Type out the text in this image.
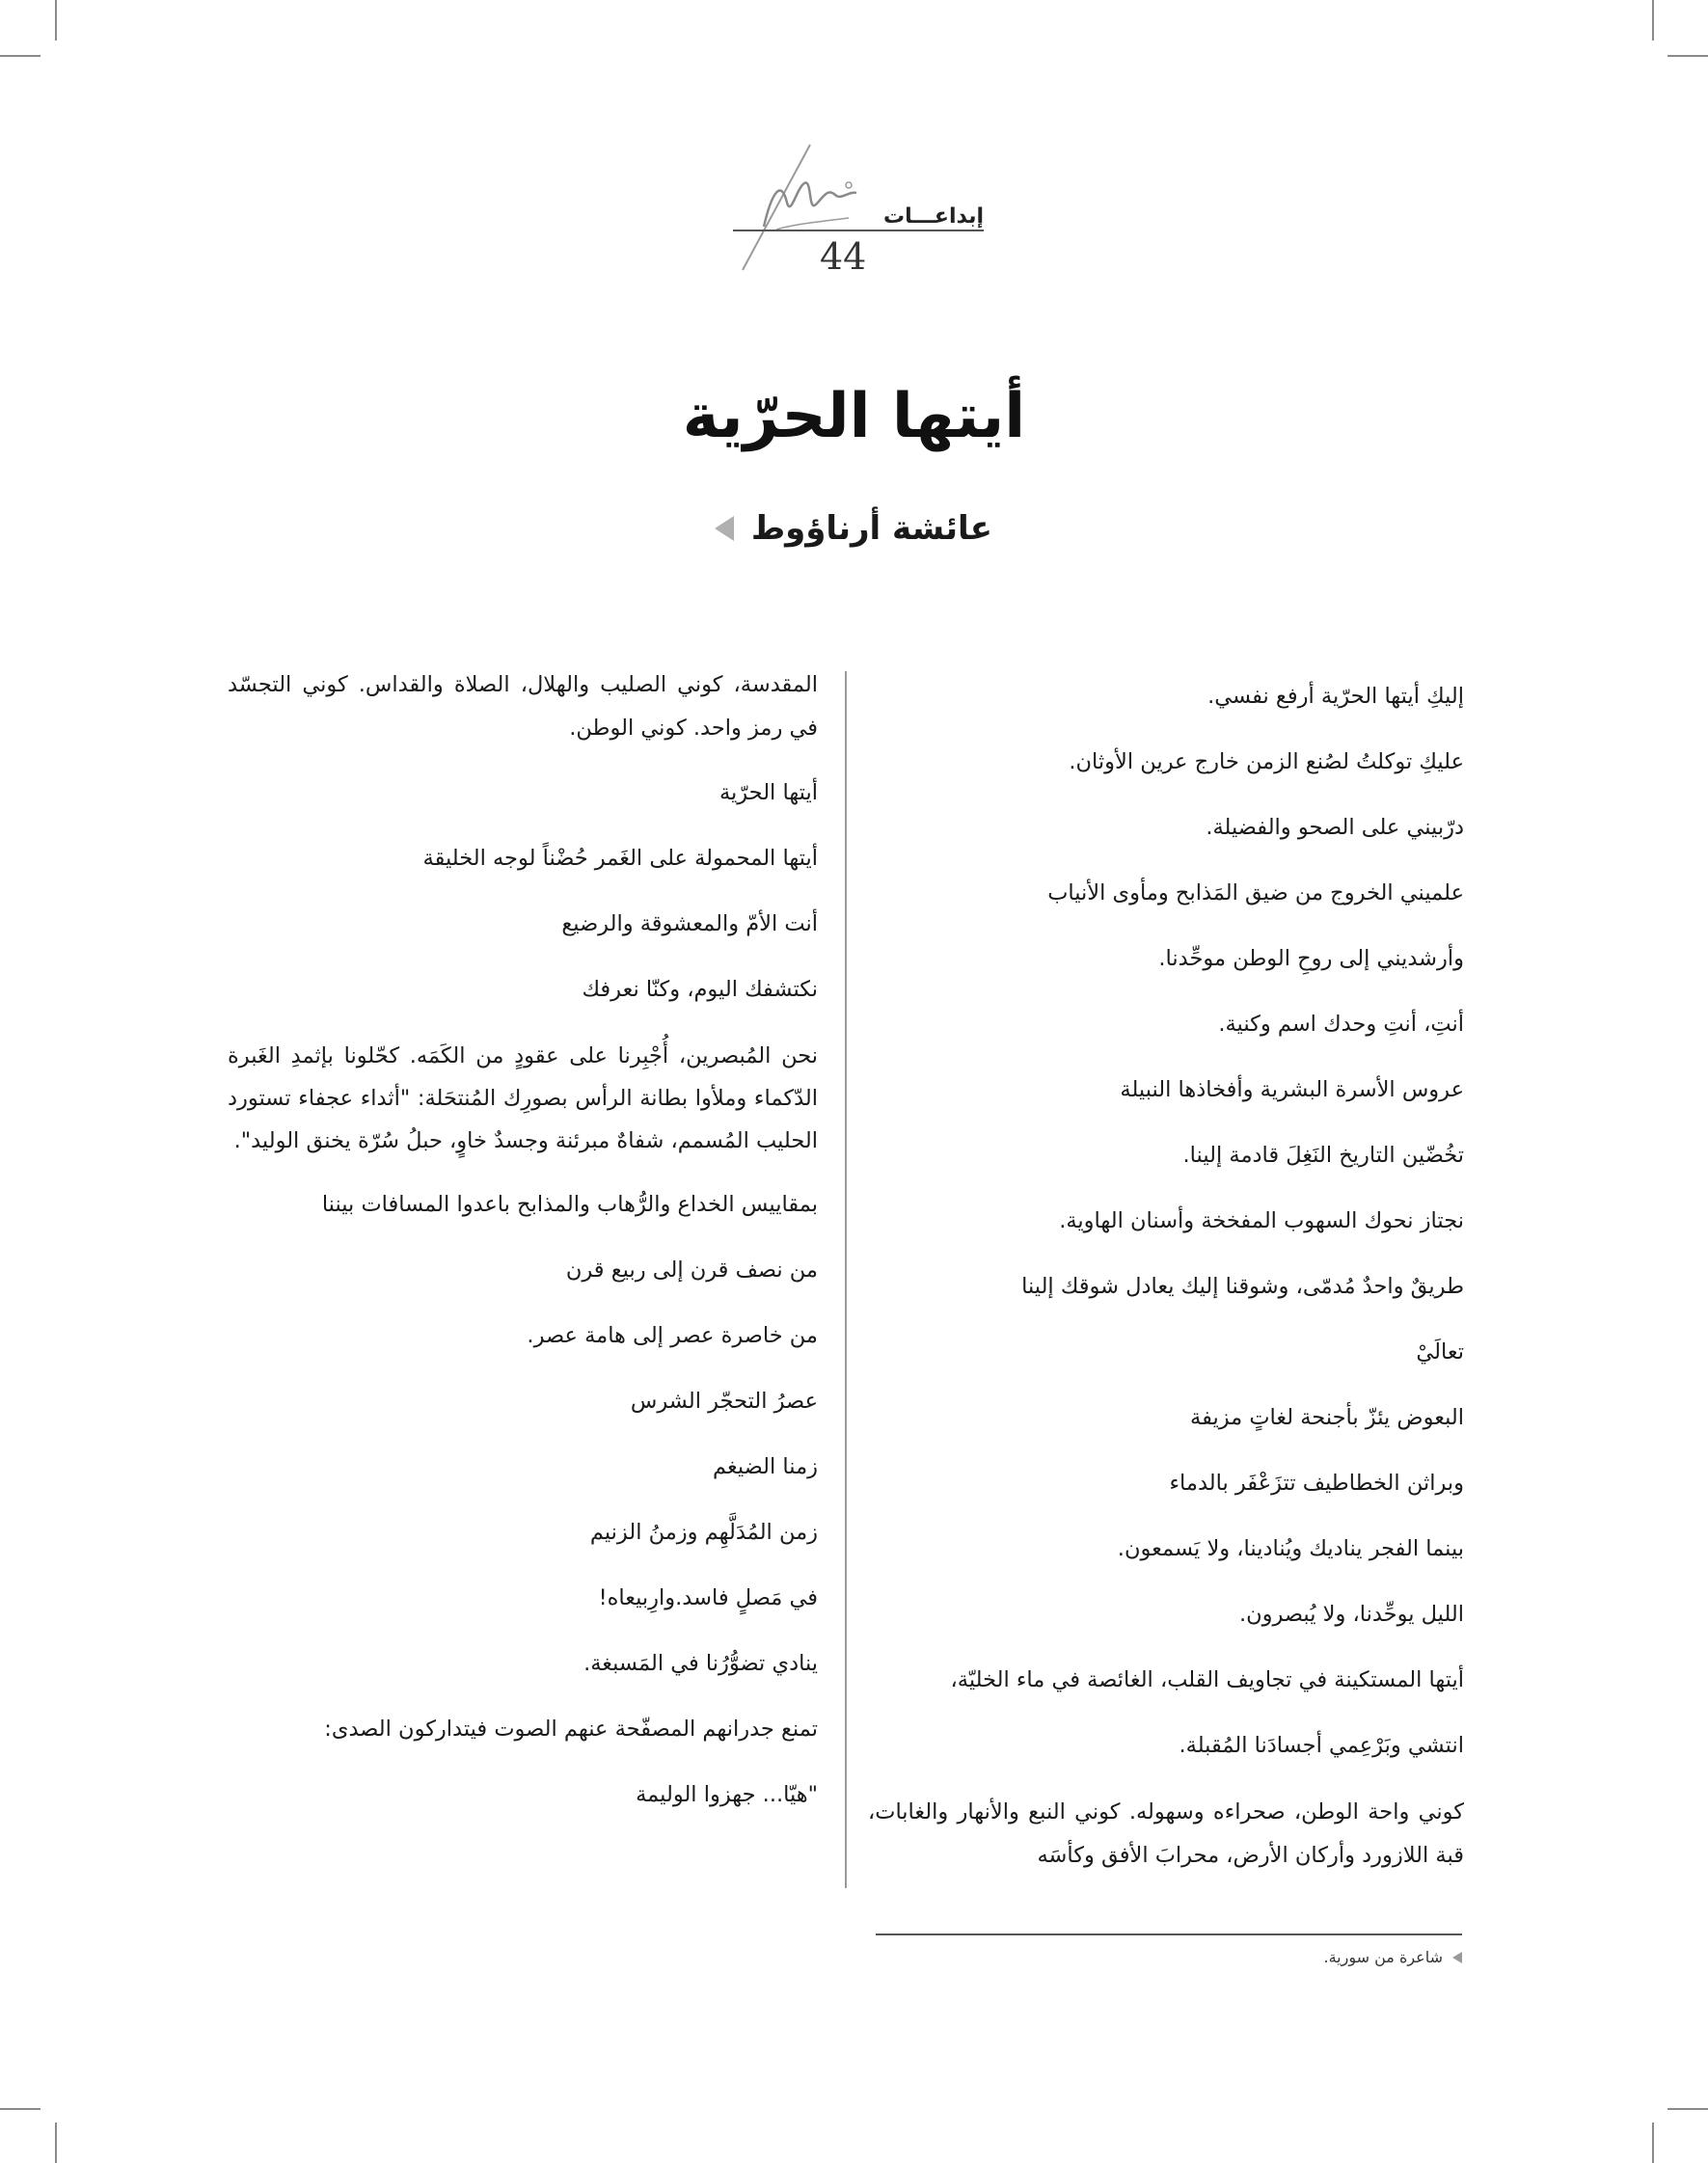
إبداعـــات
44
أيتها الحرّية
عائشة أرناؤوط

إليكِ أيتها الحرّية أرفع نفسي.

عليكِ توكلتُ لصُنع الزمن خارج عرين الأوثان.

درّبيني على الصحو والفضيلة.

علميني الخروج من ضيق المَذابح ومأوى الأنياب

وأرشديني إلى روحِ الوطن موحِّدنا.

أنتِ، أنتِ وحدك اسم وكنية.

عروس الأسرة البشرية وأفخاذها النبيلة

تخُضّين التاريخ النَغِلَ قادمة إلينا.

نجتاز نحوك السهوب المفخخة وأسنان الهاوية.

طريقٌ واحدٌ مُدمّى، وشوقنا إليك يعادل شوقك إلينا

تعالَيْ

البعوض يئزّ بأجنحة لغاتٍ مزيفة

وبراثن الخطاطيف تتزَعْفَر بالدماء

بينما الفجر يناديك ويُنادينا، ولا يَسمعون.

الليل يوحِّدنا، ولا يُبصرون.

أيتها المستكينة في تجاويف القلب، الغائصة في ماء الخليّة،

انتشي وبَرْعِمي أجسادَنا المُقبلة.

كوني واحة الوطن، صحراءه وسهوله. كوني النبع والأنهار والغابات، قبة اللازورد وأركان الأرض، محرابَ الأفق وكأسَه

المقدسة، كوني الصليب والهلال، الصلاة والقداس. كوني التجسّد في رمز واحد. كوني الوطن.

أيتها الحرّية

أيتها المحمولة على الغَمر حُضْناً لوجه الخليقة

أنت الأمّ والمعشوقة والرضيع

نكتشفك اليوم، وكنّا نعرفك

نحن المُبصرين، أُجْبِرنا على عقودٍ من الكَمَه. كحّلونا بإثمدِ الغَبرة الدّكماء وملأوا بطانة الرأس بصورِك المُنتحَلة: "أثداء عجفاء تستورد الحليب المُسمم، شفاهٌ مبرئنة وجسدٌ خاوٍ، حبلُ سُرّة يخنق الوليد".

بمقاييس الخداع والرُّهاب والمذابح باعدوا المسافات بيننا

من نصف قرن إلى ربيع قرن

من خاصرة عصر إلى هامة عصر.

عصرُ التحجّر الشرس

زمنا الضيغم

زمن المُدَلَّهِم وزمنُ الزنيم

في مَصلٍ فاسد.وارِبيعاه!

ينادي تضوُّرُنا في المَسبغة.

تمنع جدرانهم المصفّحة عنهم الصوت فيتداركون الصدى:

"هيّا... جهزوا الوليمة

شاعرة من سورية.
